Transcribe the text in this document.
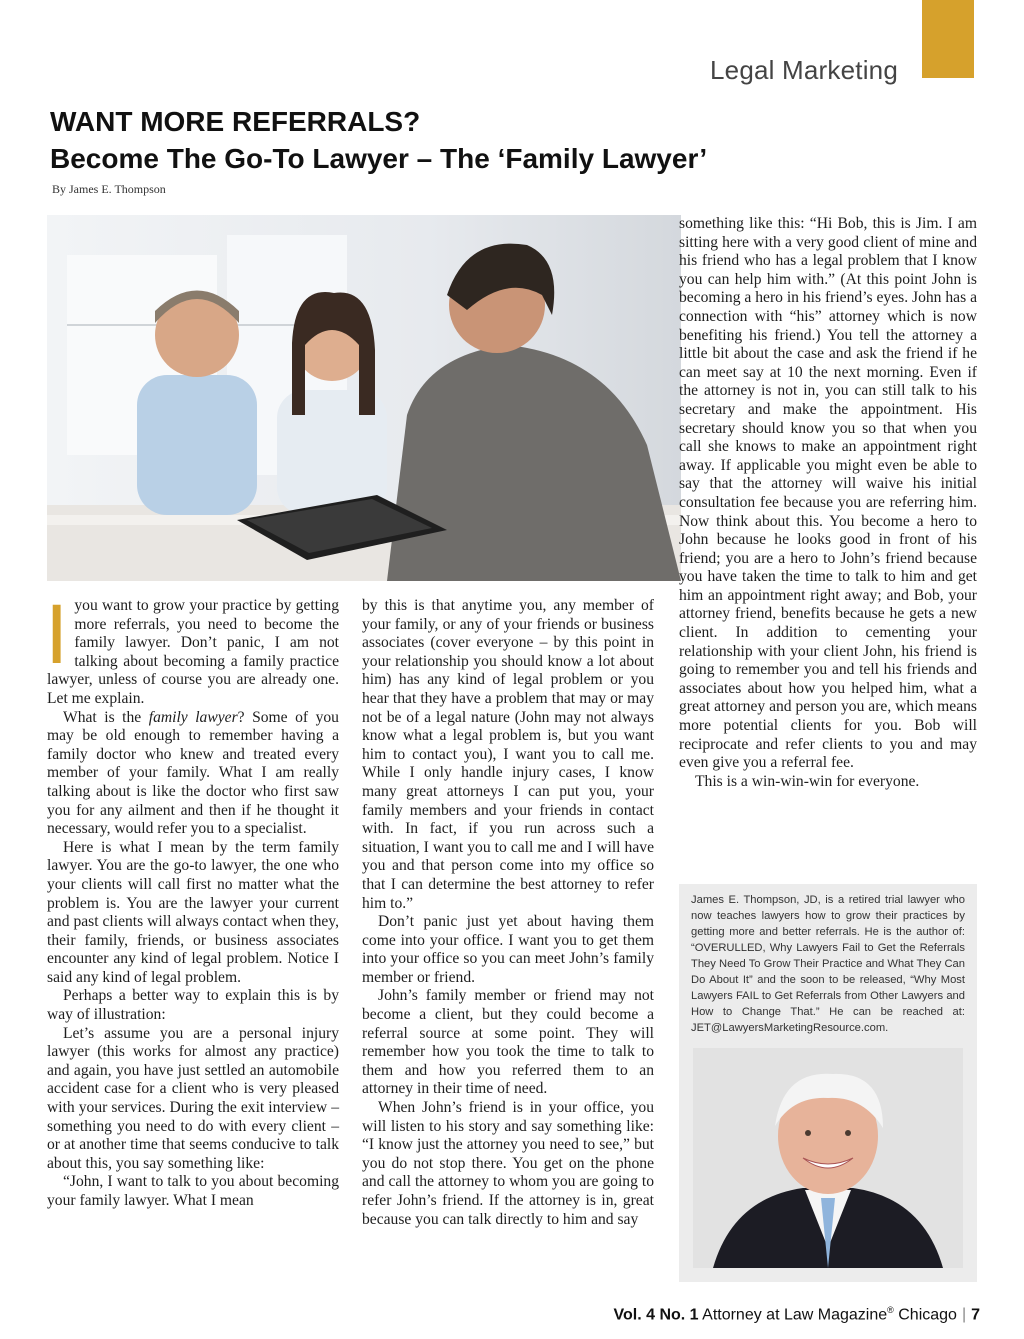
Legal Marketing
WANT MORE REFERRALS?
Become The Go-To Lawyer – The ‘Family Lawyer’
By James E. Thompson

Iyou want to grow your practice by getting more referrals, you need to become the family lawyer. Don’t panic, I am not talking about becoming a family practice lawyer, unless of course you are already one. Let me explain.

What is the family lawyer? Some of you may be old enough to remember having a family doctor who knew and treated every member of your family. What I am really talking about is like the doctor who first saw you for any ailment and then if he thought it necessary, would refer you to a specialist.

Here is what I mean by the term family lawyer. You are the go-to lawyer, the one who your clients will call first no matter what the problem is. You are the lawyer your current and past clients will always contact when they, their family, friends, or business associates encounter any kind of legal problem. Notice I said any kind of legal problem.

Perhaps a better way to explain this is by way of illustration:

Let’s assume you are a personal injury lawyer (this works for almost any practice) and again, you have just settled an automobile accident case for a client who is very pleased with your services. During the exit interview – something you need to do with every client – or at another time that seems conducive to talk about this, you say something like:

“John, I want to talk to you about becoming your family lawyer. What I mean

by this is that anytime you, any member of your family, or any of your friends or business associates (cover everyone – by this point in your relationship you should know a lot about him) has any kind of legal problem or you hear that they have a problem that may or may not be of a legal nature (John may not always know what a legal problem is, but you want him to contact you), I want you to call me. While I only handle injury cases, I know many great attorneys I can put you, your family members and your friends in contact with. In fact, if you run across such a situation, I want you to call me and I will have you and that person come into my office so that I can determine the best attorney to refer him to.”

Don’t panic just yet about having them come into your office. I want you to get them into your office so you can meet John’s family member or friend.

John’s family member or friend may not become a client, but they could become a referral source at some point. They will remember how you took the time to talk to them and how you referred them to an attorney in their time of need.

When John’s friend is in your office, you will listen to his story and say something like: “I know just the attorney you need to see,” but you do not stop there. You get on the phone and call the attorney to whom you are going to refer John’s friend. If the attorney is in, great because you can talk directly to him and say

something like this: “Hi Bob, this is Jim. I am sitting here with a very good client of mine and his friend who has a legal problem that I know you can help him with.” (At this point John is becoming a hero in his friend’s eyes. John has a connection with “his” attorney which is now benefiting his friend.) You tell the attorney a little bit about the case and ask the friend if he can meet say at 10 the next morning. Even if the attorney is not in, you can still talk to his secretary and make the appointment. His secretary should know you so that when you call she knows to make an appointment right away. If applicable you might even be able to say that the attorney will waive his initial consultation fee because you are referring him. Now think about this. You become a hero to John because he looks good in front of his friend; you are a hero to John’s friend because you have taken the time to talk to him and get him an appointment right away; and Bob, your attorney friend, benefits because he gets a new client. In addition to cementing your relationship with your client John, his friend is going to remember you and tell his friends and associates about how you helped him, what a great attorney and person you are, which means more potential clients for you. Bob will reciprocate and refer clients to you and may even give you a referral fee.

This is a win-win-win for everyone.

James E. Thompson, JD, is a retired trial lawyer who now teaches lawyers how to grow their practices by getting more and better referrals. He is the author of: “OVERULLED, Why Lawyers Fail to Get the Referrals They Need To Grow Their Practice and What They Can Do About It” and the soon to be released, “Why Most Lawyers FAIL to Get Referrals from Other Lawyers and How to Change That.” He can be reached at: JET@LawyersMarketingResource.com.
Vol. 4 No. 1 Attorney at Law Magazine® Chicago | 7
